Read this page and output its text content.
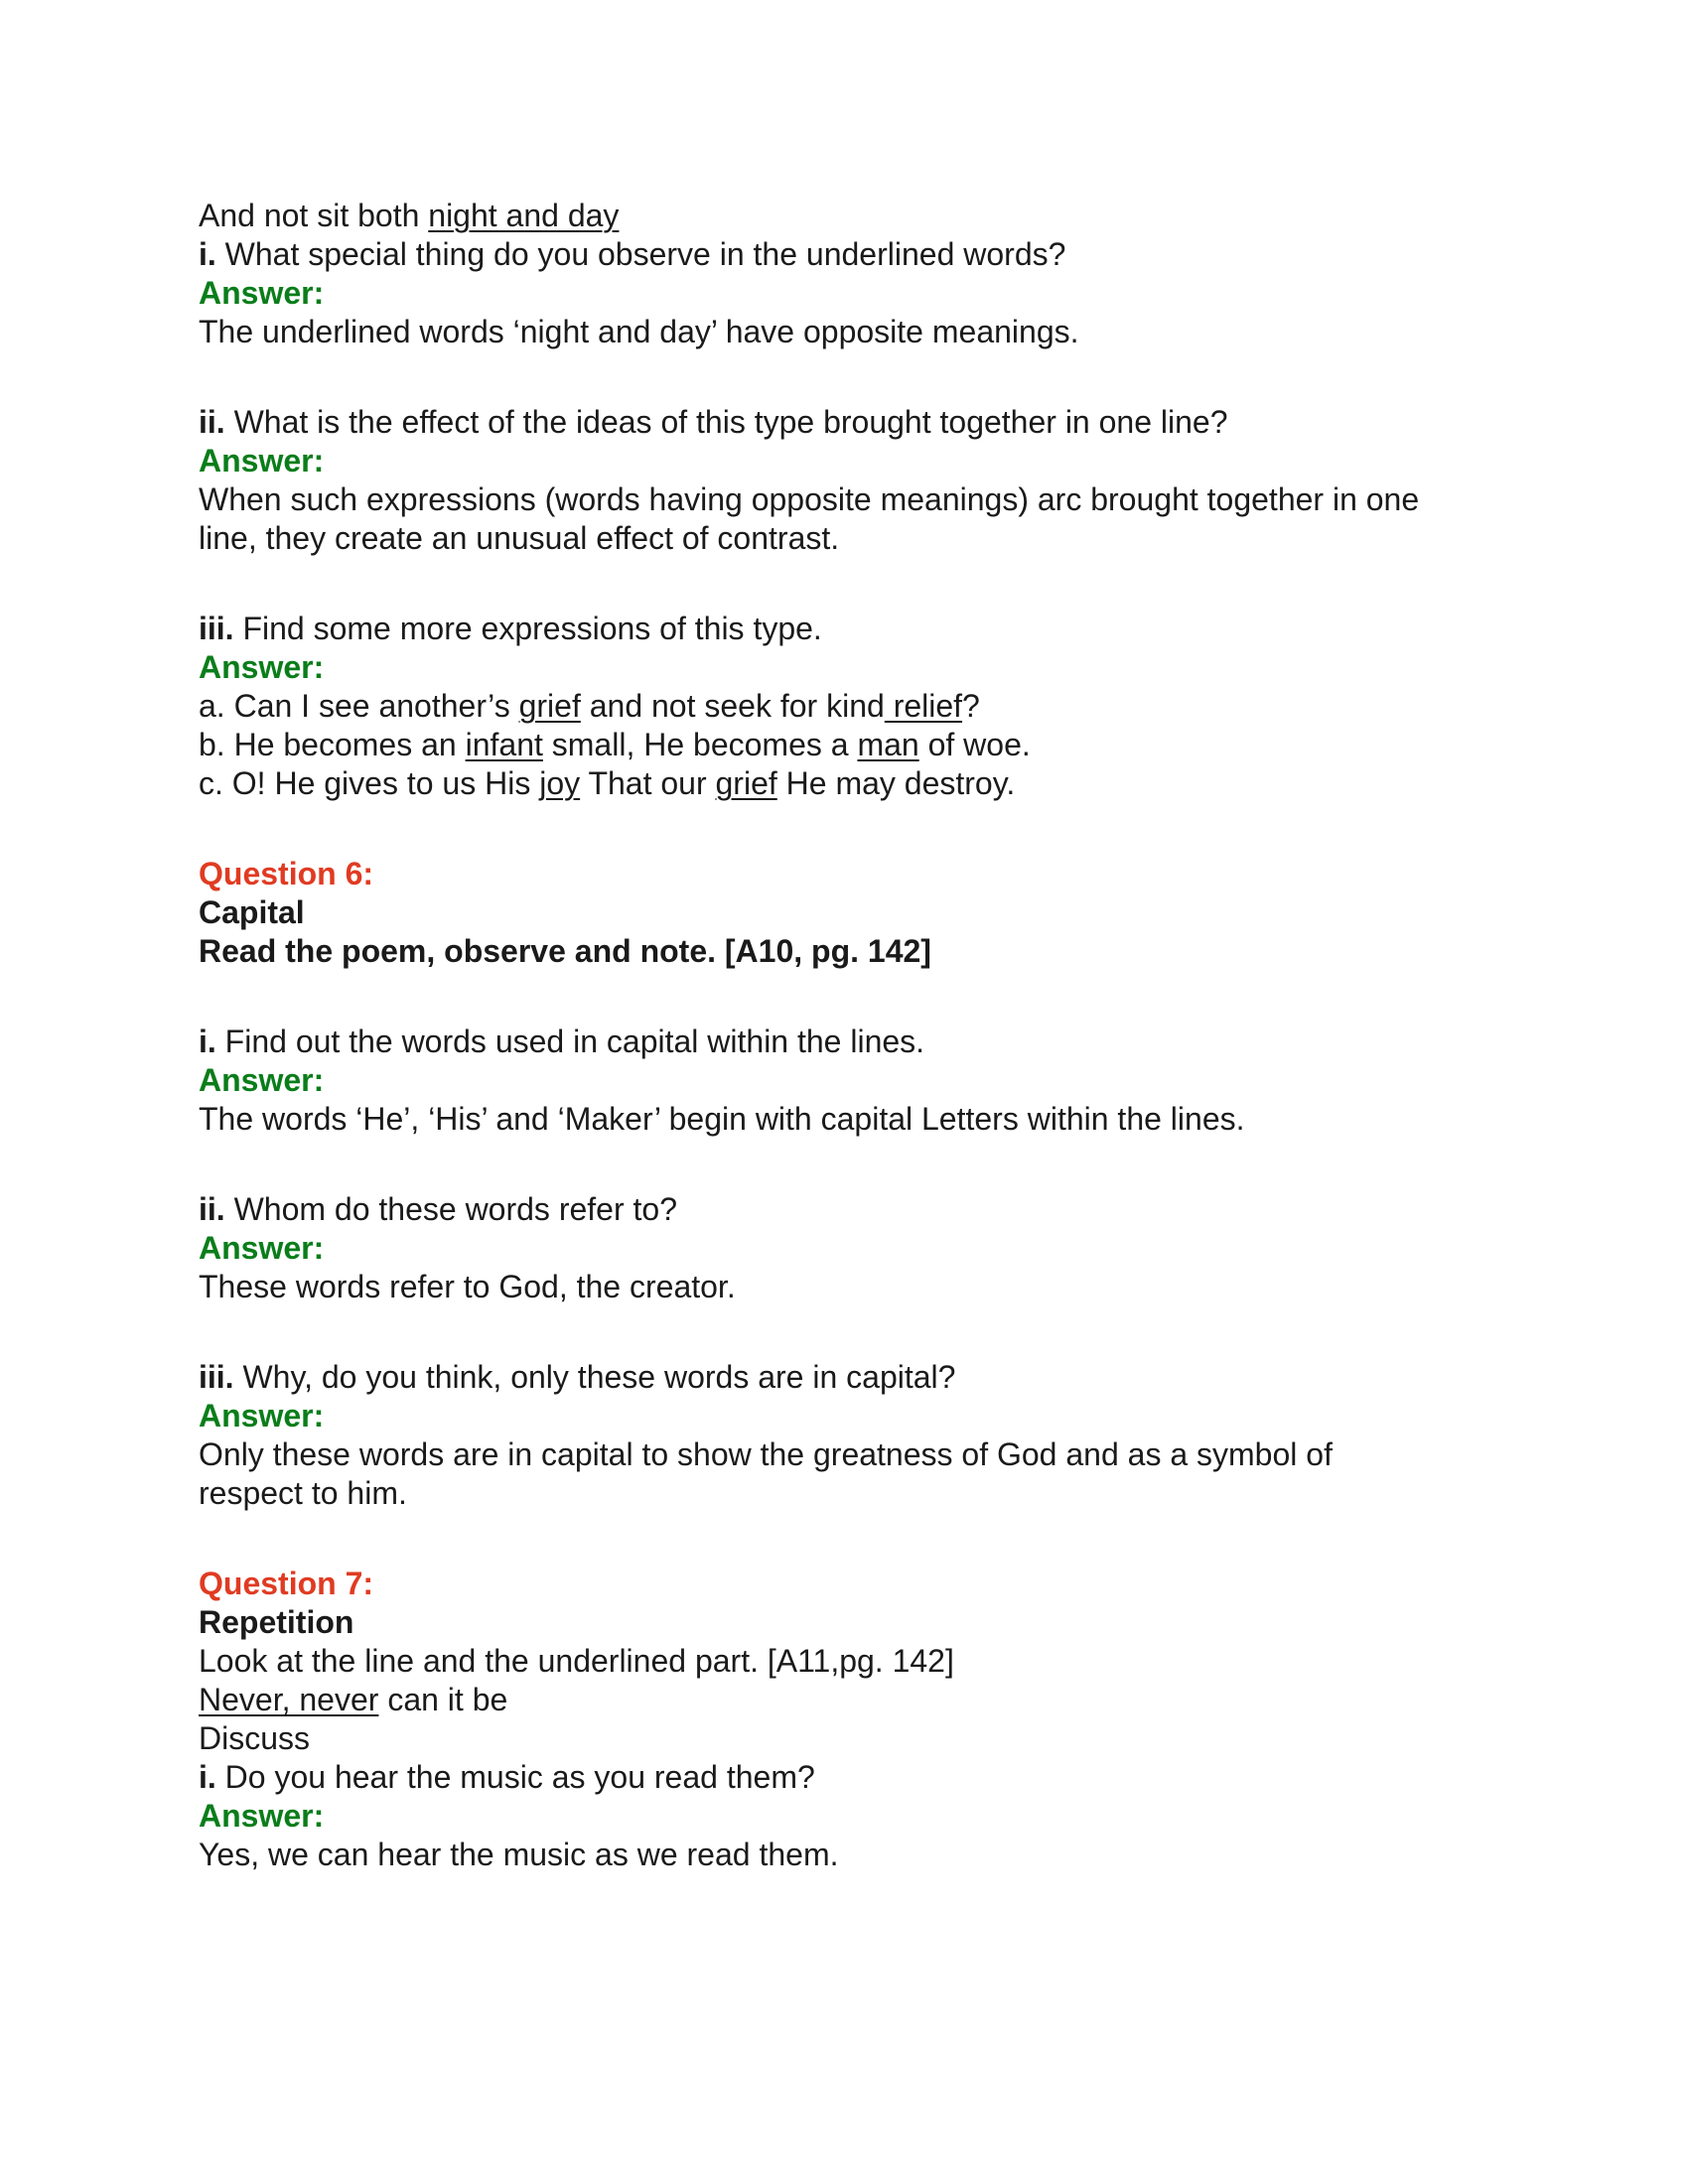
And not sit both night and day

i. What special thing do you observe in the underlined words?

Answer:

The underlined words ‘night and day’ have opposite meanings.

ii. What is the effect of the ideas of this type brought together in one line?

Answer:

When such expressions (words having opposite meanings) arc brought together in one

line, they create an unusual effect of contrast.

iii. Find some more expressions of this type.

Answer:

a. Can I see another’s grief and not seek for kind relief?

b. He becomes an infant small, He becomes a man of woe.

c. O! He gives to us His joy That our grief He may destroy.

Question 6:

Capital

Read the poem, observe and note. [A10, pg. 142]

i. Find out the words used in capital within the lines.

Answer:

The words ‘He’, ‘His’ and ‘Maker’ begin with capital Letters within the lines.

ii. Whom do these words refer to?

Answer:

These words refer to God, the creator.

iii. Why, do you think, only these words are in capital?

Answer:

Only these words are in capital to show the greatness of God and as a symbol of

respect to him.

Question 7:

Repetition

Look at the line and the underlined part. [A11,pg. 142]

Never, never can it be

Discuss

i. Do you hear the music as you read them?

Answer:

Yes, we can hear the music as we read them.
